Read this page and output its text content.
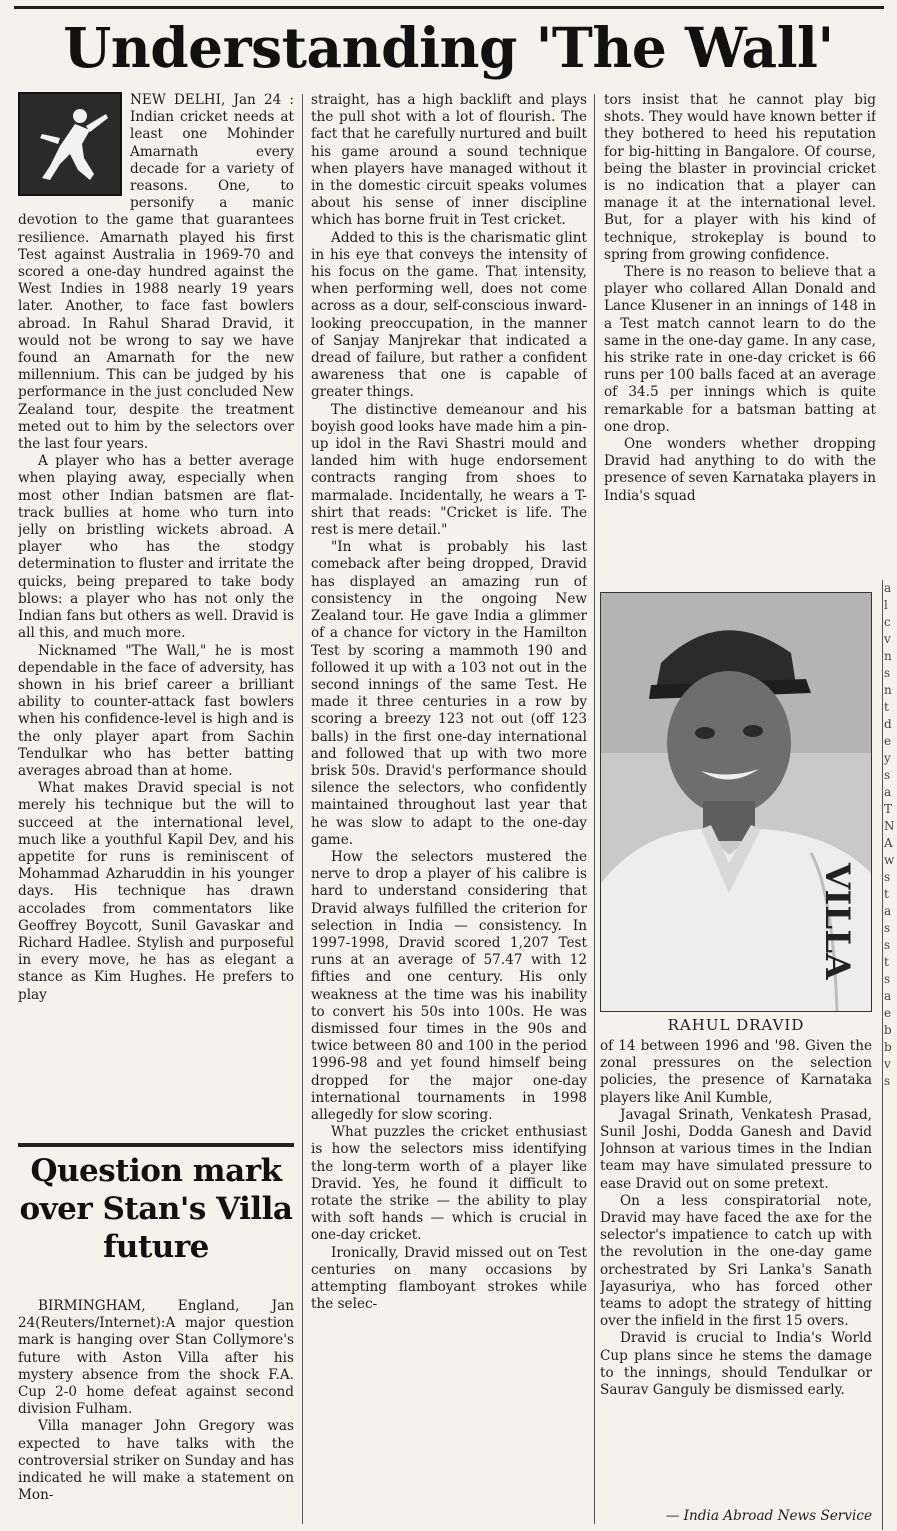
Understanding 'The Wall'

NEW DELHI, Jan 24 : Indian cricket needs at least one Mohinder Amarnath every decade for a variety of reasons. One, to personify a manic devotion to the game that guarantees resilience. Amarnath played his first Test against Australia in 1969-70 and scored a one-day hundred against the West Indies in 1988 nearly 19 years later. Another, to face fast bowlers abroad. In Rahul Sharad Dravid, it would not be wrong to say we have found an Amarnath for the new millennium. This can be judged by his performance in the just concluded New Zealand tour, despite the treatment meted out to him by the selectors over the last four years.

A player who has a better average when playing away, especially when most other Indian batsmen are flat-track bullies at home who turn into jelly on bristling wickets abroad. A player who has the stodgy determination to fluster and irritate the quicks, being prepared to take body blows: a player who has not only the Indian fans but others as well. Dravid is all this, and much more.

Nicknamed "The Wall," he is most dependable in the face of adversity, has shown in his brief career a brilliant ability to counter-attack fast bowlers when his confidence-level is high and is the only player apart from Sachin Tendulkar who has better batting averages abroad than at home.

What makes Dravid special is not merely his technique but the will to succeed at the international level, much like a youthful Kapil Dev, and his appetite for runs is reminiscent of Mohammad Azharuddin in his younger days. His technique has drawn accolades from commentators like Geoffrey Boycott, Sunil Gavaskar and Richard Hadlee. Stylish and purposeful in every move, he has as elegant a stance as Kim Hughes. He prefers to play

straight, has a high backlift and plays the pull shot with a lot of flourish. The fact that he carefully nurtured and built his game around a sound technique when players have managed without it in the domestic circuit speaks volumes about his sense of inner discipline which has borne fruit in Test cricket.

Added to this is the charismatic glint in his eye that conveys the intensity of his focus on the game. That intensity, when performing well, does not come across as a dour, self-conscious inward-looking preoccupation, in the manner of Sanjay Manjrekar that indicated a dread of failure, but rather a confident awareness that one is capable of greater things.

The distinctive demeanour and his boyish good looks have made him a pin-up idol in the Ravi Shastri mould and landed him with huge endorsement contracts ranging from shoes to marmalade. Incidentally, he wears a T-shirt that reads: "Cricket is life. The rest is mere detail."

"In what is probably his last comeback after being dropped, Dravid has displayed an amazing run of consistency in the ongoing New Zealand tour. He gave India a glimmer of a chance for victory in the Hamilton Test by scoring a mammoth 190 and followed it up with a 103 not out in the second innings of the same Test. He made it three centuries in a row by scoring a breezy 123 not out (off 123 balls) in the first one-day international and followed that up with two more brisk 50s. Dravid's performance should silence the selectors, who confidently maintained throughout last year that he was slow to adapt to the one-day game.

How the selectors mustered the nerve to drop a player of his calibre is hard to understand considering that Dravid always fulfilled the criterion for selection in India — consistency. In 1997-1998, Dravid scored 1,207 Test runs at an average of 57.47 with 12 fifties and one century. His only weakness at the time was his inability to convert his 50s into 100s. He was dismissed four times in the 90s and twice between 80 and 100 in the period 1996-98 and yet found himself being dropped for the major one-day international tournaments in 1998 allegedly for slow scoring.

What puzzles the cricket enthusiast is how the selectors miss identifying the long-term worth of a player like Dravid. Yes, he found it difficult to rotate the strike — the ability to play with soft hands — which is crucial in one-day cricket.

Ironically, Dravid missed out on Test centuries on many occasions by attempting flamboyant strokes while the selec-

tors insist that he cannot play big shots. They would have known better if they bothered to heed his reputation for big-hitting in Bangalore. Of course, being the blaster in provincial cricket is no indication that a player can manage it at the international level. But, for a player with his kind of technique, strokeplay is bound to spring from growing confidence.

There is no reason to believe that a player who collared Allan Donald and Lance Klusener in an innings of 148 in a Test match cannot learn to do the same in the one-day game. In any case, his strike rate in one-day cricket is 66 runs per 100 balls faced at an average of 34.5 per innings which is quite remarkable for a batsman batting at one drop.

One wonders whether dropping Dravid had anything to do with the presence of seven Karnataka players in India's squad

VILLA
RAHUL DRAVID

of 14 between 1996 and '98. Given the zonal pressures on the selection policies, the presence of Karnataka players like Anil Kumble,

Javagal Srinath, Venkatesh Prasad, Sunil Joshi, Dodda Ganesh and David Johnson at various times in the Indian team may have simulated pressure to ease Dravid out on some pretext.

On a less conspiratorial note, Dravid may have faced the axe for the selector's impatience to catch up with the revolution in the one-day game orchestrated by Sri Lanka's Sanath Jayasuriya, who has forced other teams to adopt the strategy of hitting over the infield in the first 15 overs.

Dravid is crucial to India's World Cup plans since he stems the damage to the innings, should Tendulkar or Saurav Ganguly be dismissed early.

— India Abroad News Service
Question mark over Stan's Villa future

BIRMINGHAM, England, Jan 24(Reuters/Internet):A major question mark is hanging over Stan Collymore's future with Aston Villa after his mystery absence from the shock F.A. Cup 2-0 home defeat against second division Fulham.

Villa manager John Gregory was expected to have talks with the controversial striker on Sunday and has indicated he will make a statement on Mon-

a
l
c
v
n
s
n
t
d
e
y
s
a
T
N
A
w
s
t
a
s
s
t
s
a
e
b
b
v
s
